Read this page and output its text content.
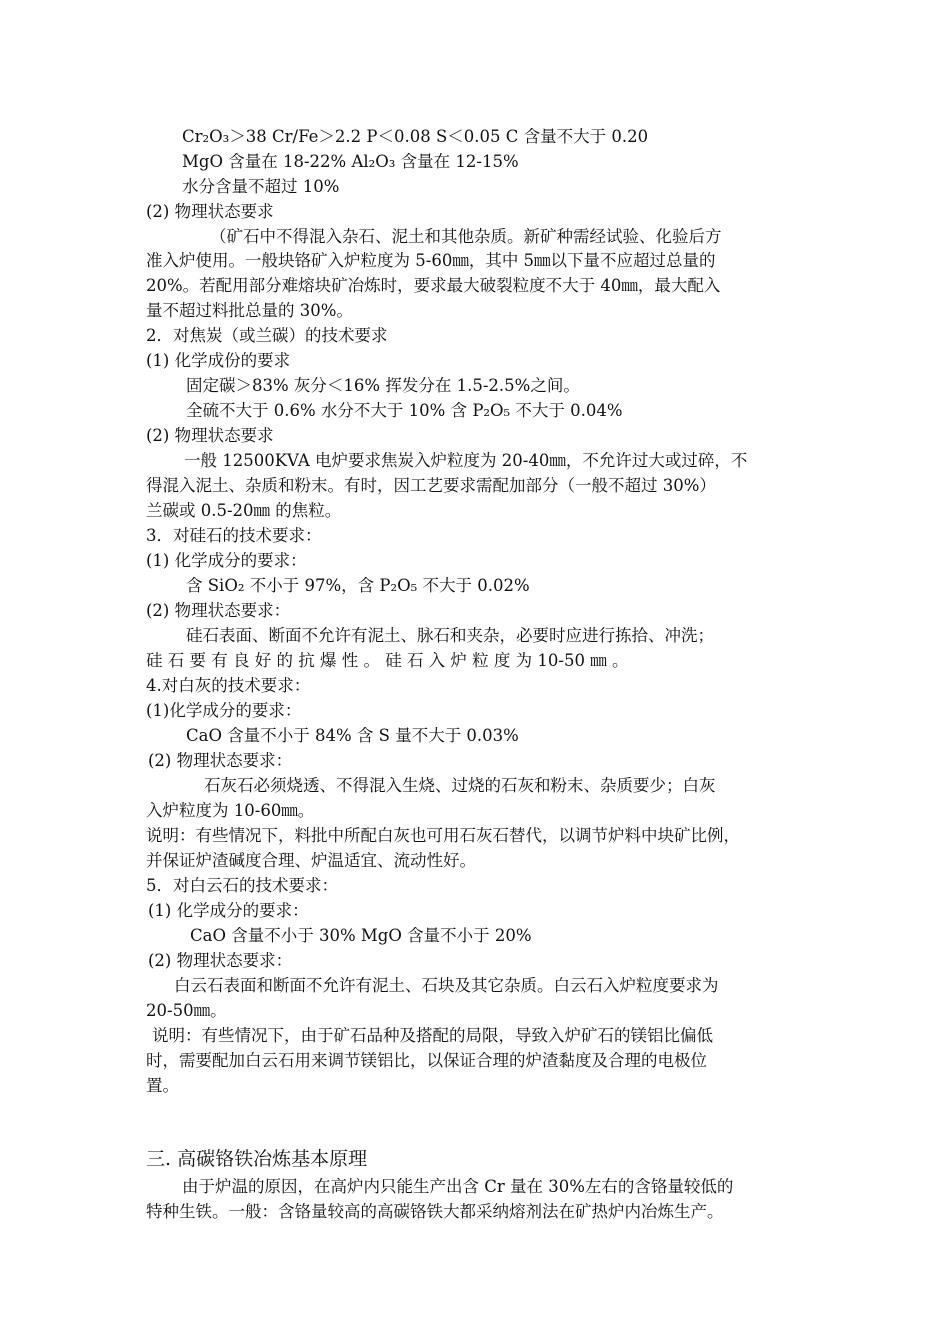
Cr₂O₃＞38 Cr/Fe＞2.2 P＜0.08 S＜0.05 C 含量不大于 0.20
MgO 含量在 18-22% Al₂O₃ 含量在 12-15%
水分含量不超过 10%
(2) 物理状态要求
（矿石中不得混入杂石、泥土和其他杂质。新矿种需经试验、化验后方
准入炉使用。一般块铬矿入炉粒度为 5-60㎜，其中 5㎜以下量不应超过总量的
20%。若配用部分难熔块矿冶炼时，要求最大破裂粒度不大于 40㎜，最大配入
量不超过料批总量的 30%。
2．对焦炭（或兰碳）的技术要求
(1) 化学成份的要求
固定碳＞83% 灰分＜16% 挥发分在 1.5-2.5%之间。
全硫不大于 0.6% 水分不大于 10% 含 P₂O₅ 不大于 0.04%
(2) 物理状态要求
一般 12500KVA 电炉要求焦炭入炉粒度为 20-40㎜，不允许过大或过碎，不
得混入泥土、杂质和粉末。有时，因工艺要求需配加部分（一般不超过 30%）
兰碳或 0.5-20㎜ 的焦粒。
3．对硅石的技术要求：
(1) 化学成分的要求：
含 SiO₂ 不小于 97%，含 P₂O₅ 不大于 0.02%
(2) 物理状态要求：
硅石表面、断面不允许有泥土、脉石和夹杂，必要时应进行拣拾、冲洗；
硅 石 要 有 良 好 的 抗 爆 性 。 硅 石 入 炉 粒 度 为 10-50 ㎜ 。
4.对白灰的技术要求：
(1)化学成分的要求：
CaO 含量不小于 84% 含 S 量不大于 0.03%
(2) 物理状态要求：
石灰石必须烧透、不得混入生烧、过烧的石灰和粉末、杂质要少；白灰
入炉粒度为 10-60㎜。
说明：有些情况下，料批中所配白灰也可用石灰石替代，以调节炉料中块矿比例，
并保证炉渣碱度合理、炉温适宜、流动性好。
5．对白云石的技术要求：
(1) 化学成分的要求：
CaO 含量不小于 30% MgO 含量不小于 20%
(2) 物理状态要求：
白云石表面和断面不允许有泥土、石块及其它杂质。白云石入炉粒度要求为
20-50㎜。
说明：有些情况下，由于矿石品种及搭配的局限，导致入炉矿石的镁铝比偏低
时，需要配加白云石用来调节镁铝比，以保证合理的炉渣黏度及合理的电极位
置。
三. 高碳铬铁冶炼基本原理
由于炉温的原因，在高炉内只能生产出含 Cr 量在 30%左右的含铬量较低的
特种生铁。一般：含铬量较高的高碳铬铁大都采纳熔剂法在矿热炉内冶炼生产。
